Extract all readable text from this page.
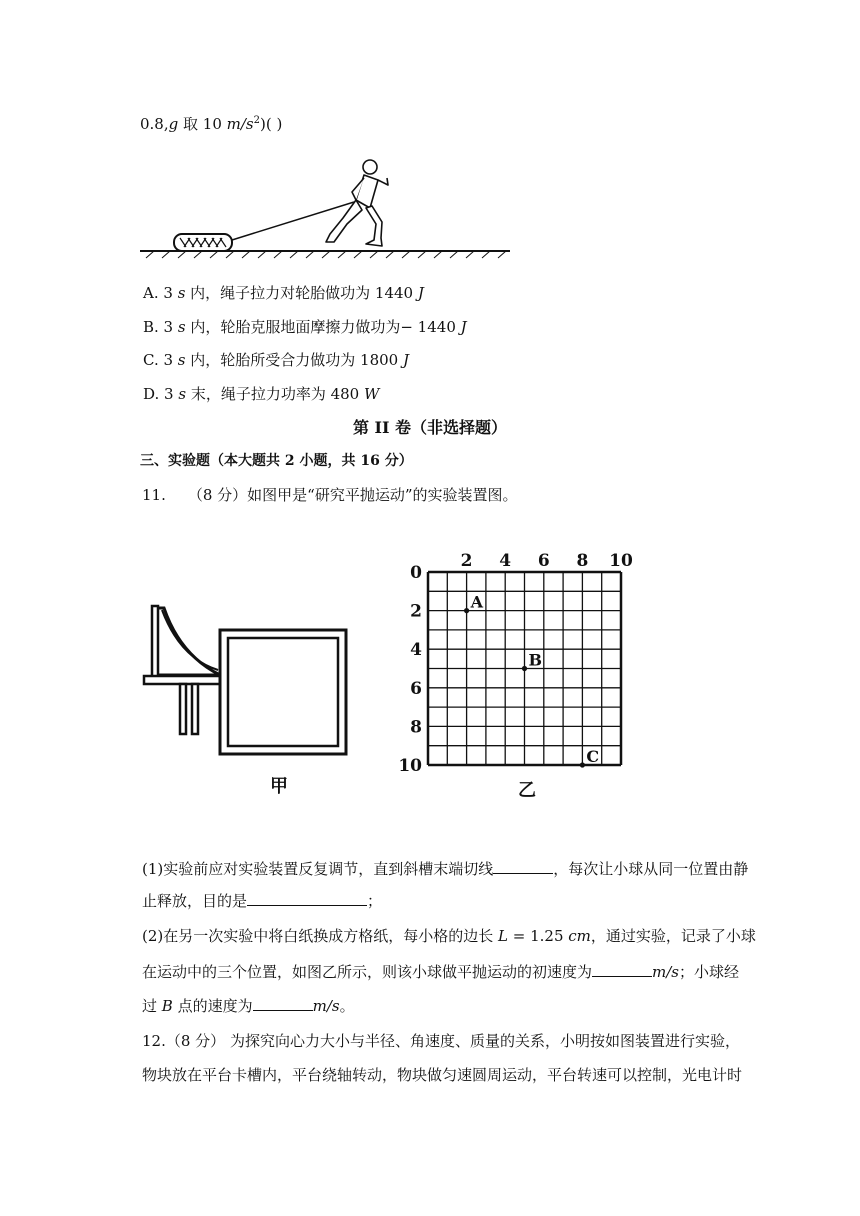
0.8,g 取 10 $m/s^2$)( )
A. 3 s 内，绳子拉力对轮胎做功为 1440 J
B. 3 s 内，轮胎克服地面摩擦力做功为− 1440 J
C. 3 s 内，轮胎所受合力做功为 1800 J
D. 3 s 末，绳子拉力功率为 480 W
第 II 卷（非选择题）
三、实验题（本大题共 2 小题，共 16 分）
11. （8 分）如图甲是“研究平抛运动”的实验装置图。
甲
0
2 4 6 8 10
2
4
6
8
10
A
B
C
乙
(1)实验前应对实验装置反复调节，直到斜槽末端切线	，每次让小球从同一位置由静
止释放，目的是	；
(2)在另一次实验中将白纸换成方格纸，每小格的边长 L = 1.25 cm，通过实验，记录了小球
在运动中的三个位置，如图乙所示，则该小球做平抛运动的初速度为	m/s；小球经
过 B 点的速度为	m/s。
12.（8 分） 为探究向心力大小与半径、角速度、质量的关系，小明按如图装置进行实验，
物块放在平台卡槽内，平台绕轴转动，物块做匀速圆周运动，平台转速可以控制，光电计时
